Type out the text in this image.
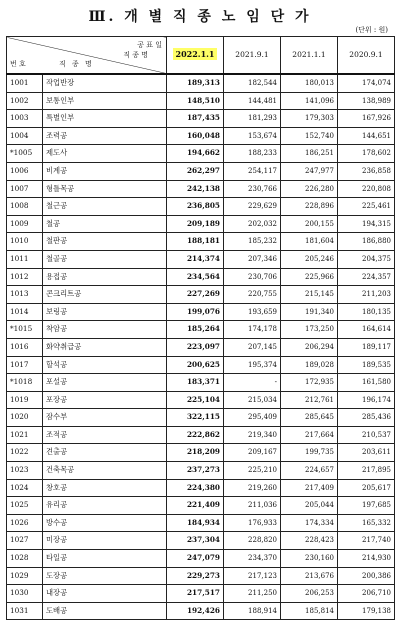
Ⅲ. 개 별 직 종 노 임 단 가
(단위 : 원)
공 표 일
직 종 명
번 호 직 종 명		2022.1.1	2021.9.1	2021.1.1	2020.9.1
1001	작업반장	189,313	182,544	180,013	174,074
1002	보통인부	148,510	144,481	141,096	138,989
1003	특별인부	187,435	181,293	179,303	167,926
1004	조력공	160,048	153,674	152,740	144,651
*1005	제도사	194,662	188,233	186,251	178,602
1006	비계공	262,297	254,117	247,977	236,858
1007	형틀목공	242,138	230,766	226,280	220,808
1008	철근공	236,805	229,629	228,896	225,461
1009	철공	209,189	202,032	200,155	194,315
1010	철판공	188,181	185,232	181,604	186,880
1011	철골공	214,374	207,346	205,246	204,375
1012	용접공	234,564	230,706	225,966	224,357
1013	콘크리트공	227,269	220,755	215,145	211,203
1014	보링공	199,076	193,659	191,340	180,135
*1015	착암공	185,264	174,178	173,250	164,614
1016	화약취급공	223,097	207,145	206,294	189,117
1017	할석공	200,625	195,374	189,028	189,535
*1018	포설공	183,371	-	172,935	161,580
1019	포장공	225,104	215,034	212,761	196,174
1020	잠수부	322,115	295,409	285,645	285,436
1021	조적공	222,862	219,340	217,664	210,537
1022	견출공	218,209	209,167	199,735	203,611
1023	건축목공	237,273	225,210	224,657	217,895
1024	창호공	224,380	219,260	217,409	205,617
1025	유리공	221,409	211,036	205,044	197,685
1026	방수공	184,934	176,933	174,334	165,332
1027	미장공	237,304	228,820	228,423	217,740
1028	타일공	247,079	234,370	230,160	214,930
1029	도장공	229,273	217,123	213,676	200,386
1030	내장공	217,517	211,250	206,253	206,710
1031	도배공	192,426	188,914	185,814	179,138
